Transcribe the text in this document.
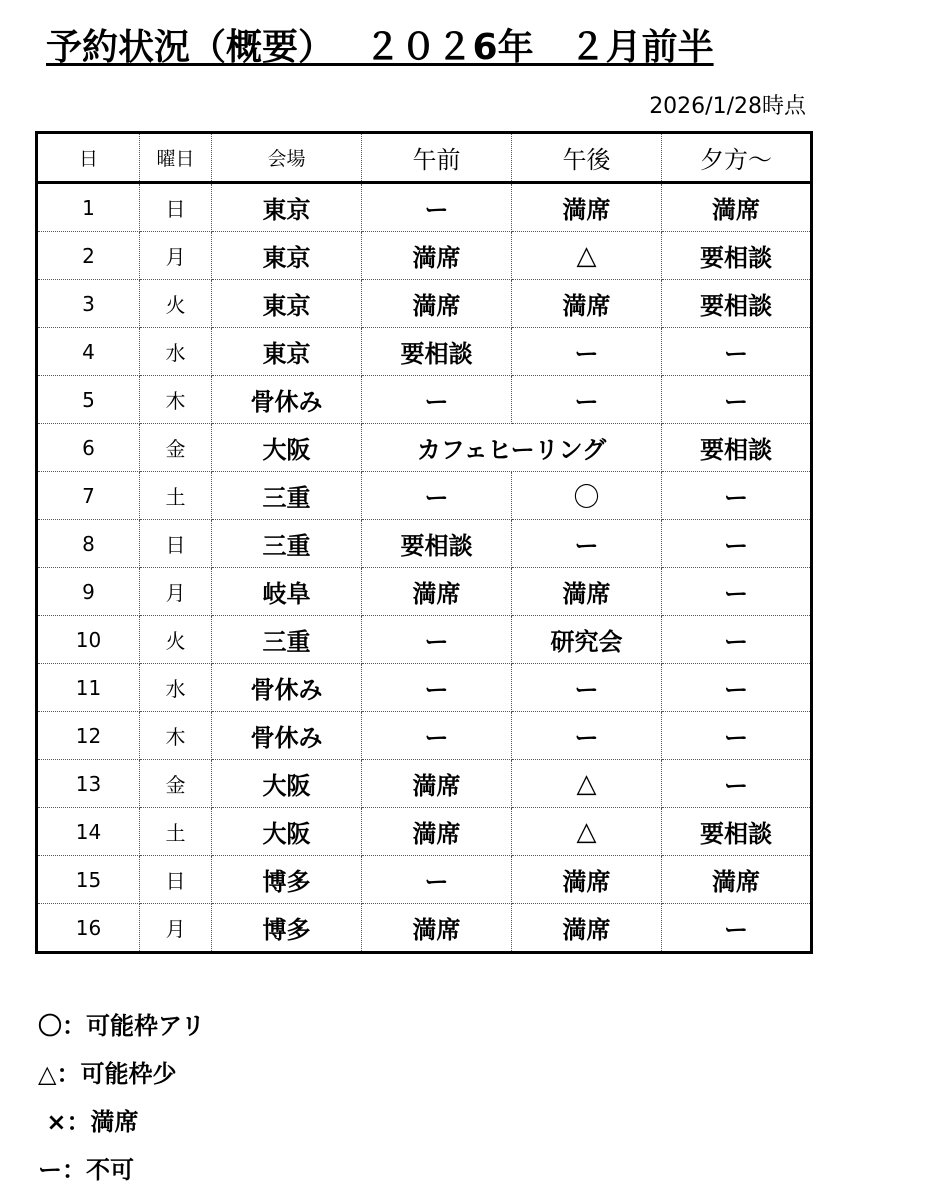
予約状況（概要）　 ２０２6年　２月前半
2026/1/28時点
日	曜日	会場	午前	午後	夕方～
1	日	東京	ー	満席	満席
2	月	東京	満席	△	要相談
3	火	東京	満席	満席	要相談
4	水	東京	要相談	ー	ー
5	木	骨休み	ー	ー	ー
6	金	大阪	カフェヒーリング		要相談
7	土	三重	ー	〇	ー
8	日	三重	要相談	ー	ー
9	月	岐阜	満席	満席	ー
10	火	三重	ー	研究会	ー
11	水	骨休み	ー	ー	ー
12	木	骨休み	ー	ー	ー
13	金	大阪	満席	△	ー
14	土	大阪	満席	△	要相談
15	日	博多	ー	満席	満席
16	月	博多	満席	満席	ー
〇：可能枠アリ
△：可能枠少
×：満席
ー：不可
